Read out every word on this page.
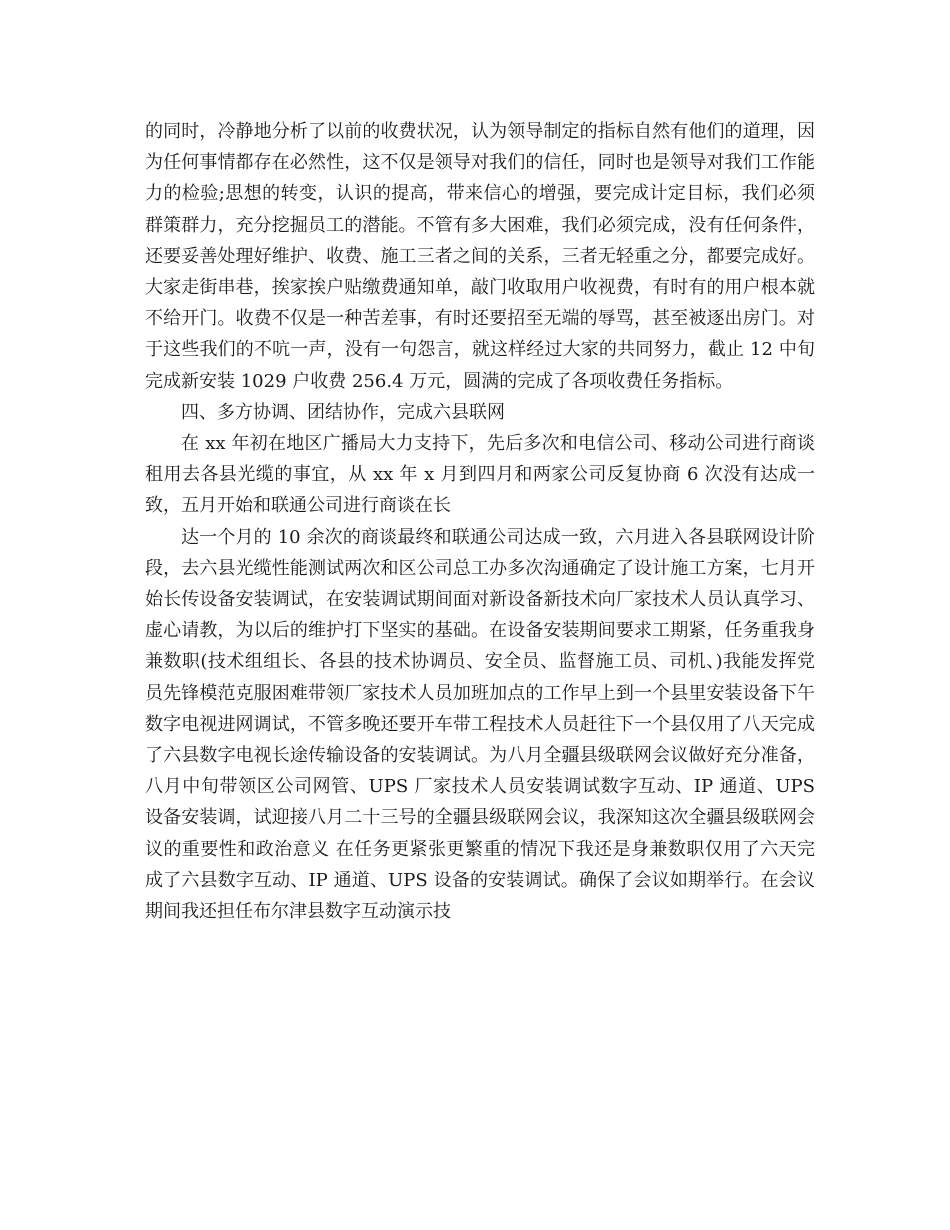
的同时，冷静地分析了以前的收费状况，认为领导制定的指标自然有他们的道理，因为任何事情都存在必然性，这不仅是领导对我们的信任，同时也是领导对我们工作能力的检验;思想的转变，认识的提高，带来信心的增强，要完成计定目标，我们必须群策群力，充分挖掘员工的潜能。不管有多大困难，我们必须完成，没有任何条件，还要妥善处理好维护、收费、施工三者之间的关系，三者无轻重之分，都要完成好。大家走街串巷，挨家挨户贴缴费通知单，敲门收取用户收视费，有时有的用户根本就不给开门。收费不仅是一种苦差事，有时还要招至无端的辱骂，甚至被逐出房门。对于这些我们的不吭一声，没有一句怨言，就这样经过大家的共同努力，截止 12 中旬完成新安装 1029 户收费 256.4 万元，圆满的完成了各项收费任务指标。

四、多方协调、团结协作，完成六县联网

在 xx 年初在地区广播局大力支持下，先后多次和电信公司、移动公司进行商谈租用去各县光缆的事宜，从 xx 年 x 月到四月和两家公司反复协商 6 次没有达成一致，五月开始和联通公司进行商谈在长

达一个月的 10 余次的商谈最终和联通公司达成一致，六月进入各县联网设计阶段，去六县光缆性能测试两次和区公司总工办多次沟通确定了设计施工方案，七月开始长传设备安装调试，在安装调试期间面对新设备新技术向厂家技术人员认真学习、虚心请教，为以后的维护打下坚实的基础。在设备安装期间要求工期紧，任务重我身兼数职(技术组组长、各县的技术协调员、安全员、监督施工员、司机、)我能发挥党员先锋模范克服困难带领厂家技术人员加班加点的工作早上到一个县里安装设备下午数字电视进网调试，不管多晚还要开车带工程技术人员赶往下一个县仅用了八天完成了六县数字电视长途传输设备的安装调试。为八月全疆县级联网会议做好充分准备，八月中旬带领区公司网管、UPS 厂家技术人员安装调试数字互动、IP 通道、UPS 设备安装调，试迎接八月二十三号的全疆县级联网会议，我深知这次全疆县级联网会议的重要性和政治意义 在任务更紧张更繁重的情况下我还是身兼数职仅用了六天完成了六县数字互动、IP 通道、UPS 设备的安装调试。确保了会议如期举行。在会议期间我还担任布尔津县数字互动演示技
